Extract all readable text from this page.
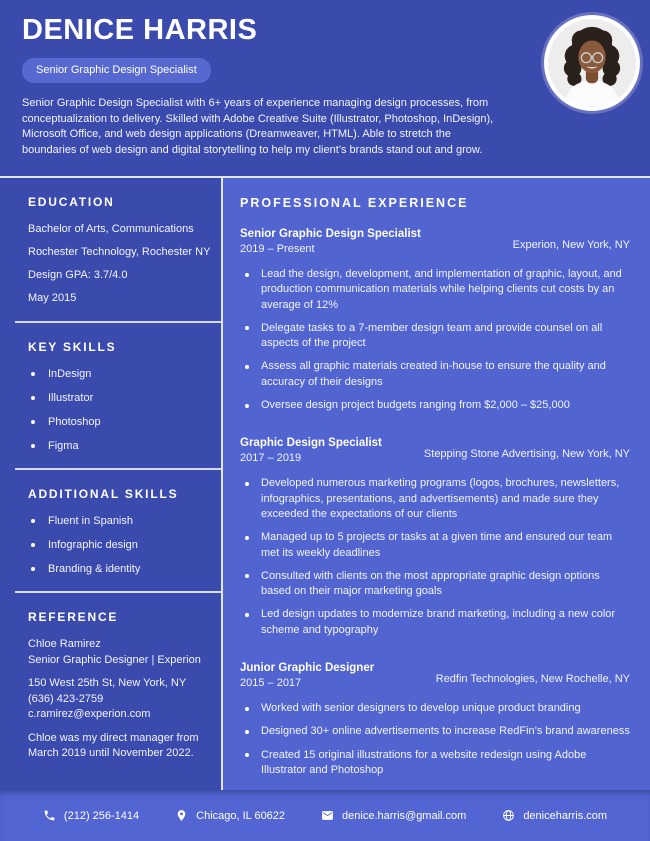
DENICE HARRIS
Senior Graphic Design Specialist
Senior Graphic Design Specialist with 6+ years of experience managing design processes, from conceptualization to delivery. Skilled with Adobe Creative Suite (Illustrator, Photoshop, InDesign), Microsoft Office, and web design applications (Dreamweaver, HTML). Able to stretch the boundaries of web design and digital storytelling to help my client’s brands stand out and grow.
EDUCATION

Bachelor of Arts, Communications

Rochester Technology, Rochester NY

Design GPA: 3.7/4.0

May 2015

KEY SKILLS
InDesign
Illustrator
Photoshop
Figma
ADDITIONAL SKILLS
Fluent in Spanish
Infographic design
Branding & identity
REFERENCE

Chloe Ramirez

Senior Graphic Designer | Experion

150 West 25th St, New York, NY

(636) 423-2759

c.ramirez@experion.com

Chloe was my direct manager from March 2019 until November 2022.

PROFESSIONAL EXPERIENCE
Senior Graphic Design Specialist
2019 – Present	Experion, New York, NY
Lead the design, development, and implementation of graphic, layout, and production communication materials while helping clients cut costs by an average of 12%
Delegate tasks to a 7-member design team and provide counsel on all aspects of the project
Assess all graphic materials created in-house to ensure the quality and accuracy of their designs
Oversee design project budgets ranging from $2,000 – $25,000
Graphic Design Specialist
2017 – 2019	Stepping Stone Advertising, New York, NY
Developed numerous marketing programs (logos, brochures, newsletters, infographics, presentations, and advertisements) and made sure they exceeded the expectations of our clients
Managed up to 5 projects or tasks at a given time and ensured our team met its weekly deadlines
Consulted with clients on the most appropriate graphic design options based on their major marketing goals
Led design updates to modernize brand marketing, including a new color scheme and typography
Junior Graphic Designer
2015 – 2017	Redfin Technologies, New Rochelle, NY
Worked with senior designers to develop unique product branding
Designed 30+ online advertisements to increase RedFin’s brand awareness
Created 15 original illustrations for a website redesign using Adobe Illustrator and Photoshop
(212) 256-1414	Chicago, IL 60622	denice.harris@gmail.com	deniceharris.com
